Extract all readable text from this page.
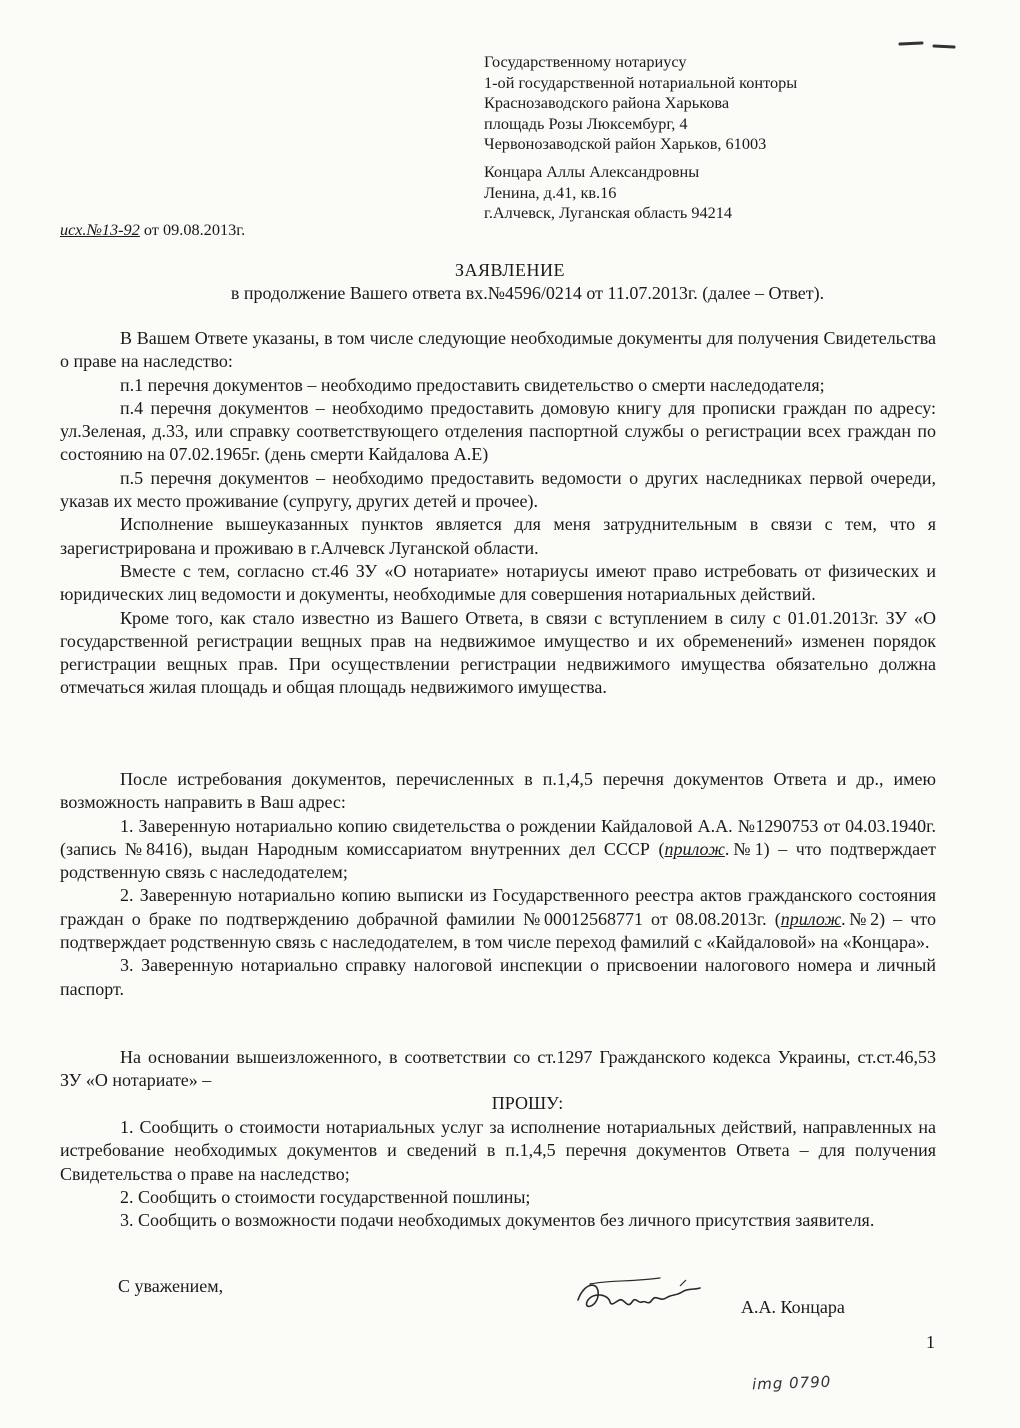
Государственному нотариусу
1-ой государственной нотариальной конторы
Краснозаводского района Харькова
площадь Розы Люксембург, 4
Червонозаводской район Харьков, 61003
Концара Аллы Александровны
Ленина, д.41, кв.16
г.Алчевск, Луганская область 94214
исх.№13-92 от 09.08.2013г.
ЗАЯВЛЕНИЕ
в продолжение Вашего ответа вх.№4596/0214 от 11.07.2013г. (далее – Ответ).

В Вашем Ответе указаны, в том числе следующие необходимые документы для получения Свидетельства о праве на наследство:

п.1 перечня документов – необходимо предоставить свидетельство о смерти наследодателя;

п.4 перечня документов – необходимо предоставить домовую книгу для прописки граждан по адресу: ул.Зеленая, д.33, или справку соответствующего отделения паспортной службы о регистрации всех граждан по состоянию на 07.02.1965г. (день смерти Кайдалова А.Е)

п.5 перечня документов – необходимо предоставить ведомости о других наследниках первой очереди, указав их место проживание (супругу, других детей и прочее).

Исполнение вышеуказанных пунктов является для меня затруднительным в связи с тем, что я зарегистрирована и проживаю в г.Алчевск Луганской области.

Вместе с тем, согласно ст.46 ЗУ «О нотариате» нотариусы имеют право истребовать от физических и юридических лиц ведомости и документы, необходимые для совершения нотариальных действий.

Кроме того, как стало известно из Вашего Ответа, в связи с вступлением в силу с 01.01.2013г. ЗУ «О государственной регистрации вещных прав на недвижимое имущество и их обременений» изменен порядок регистрации вещных прав. При осуществлении регистрации недвижимого имущества обязательно должна отмечаться жилая площадь и общая площадь недвижимого имущества.

После истребования документов, перечисленных в п.1,4,5 перечня документов Ответа и др., имею возможность направить в Ваш адрес:

1. Заверенную нотариально копию свидетельства о рождении Кайдаловой А.А. №1290753 от 04.03.1940г. (запись №8416), выдан Народным комиссариатом внутренних дел СССР (прилож.№1) – что подтверждает родственную связь с наследодателем;

2. Заверенную нотариально копию выписки из Государственного реестра актов гражданского состояния граждан о браке по подтверждению добрачной фамилии №00012568771 от 08.08.2013г. (прилож.№2) – что подтверждает родственную связь с наследодателем, в том числе переход фамилий с «Кайдаловой» на «Концара».

3. Заверенную нотариально справку налоговой инспекции о присвоении налогового номера и личный паспорт.

На основании вышеизложенного, в соответствии со ст.1297 Гражданского кодекса Украины, ст.ст.46,53 ЗУ «О нотариате» –

ПРОШУ:

1. Сообщить о стоимости нотариальных услуг за исполнение нотариальных действий, направленных на истребование необходимых документов и сведений в п.1,4,5 перечня документов Ответа – для получения Свидетельства о праве на наследство;

2. Сообщить о стоимости государственной пошлины;

3. Сообщить о возможности подачи необходимых документов без личного присутствия заявителя.

С уважением,
А.А. Концара
1
img 0790
